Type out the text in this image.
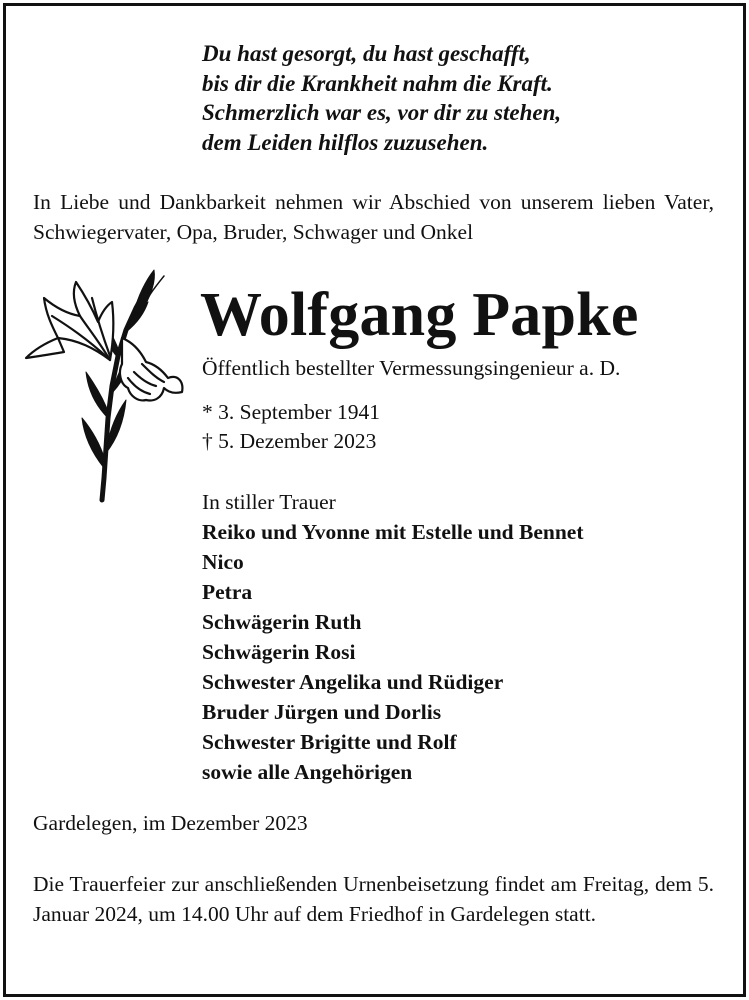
Du hast gesorgt, du hast geschafft,
bis dir die Krankheit nahm die Kraft.
Schmerzlich war es, vor dir zu stehen,
dem Leiden hilflos zuzusehen.
In Liebe und Dankbarkeit nehmen wir Abschied von unserem lieben Vater, Schwiegervater, Opa, Bruder, Schwager und Onkel
Wolfgang Papke
Öffentlich bestellter Vermessungsingenieur a. D.
* 3. September 1941
† 5. Dezember 2023
In stiller Trauer
Reiko und Yvonne mit Estelle und Bennet
Nico
Petra
Schwägerin Ruth
Schwägerin Rosi
Schwester Angelika und Rüdiger
Bruder Jürgen und Dorlis
Schwester Brigitte und Rolf
sowie alle Angehörigen
Gardelegen, im Dezember 2023
Die Trauerfeier zur anschließenden Urnenbeisetzung findet am Freitag, dem 5. Januar 2024, um 14.00 Uhr auf dem Friedhof in Gardelegen statt.
